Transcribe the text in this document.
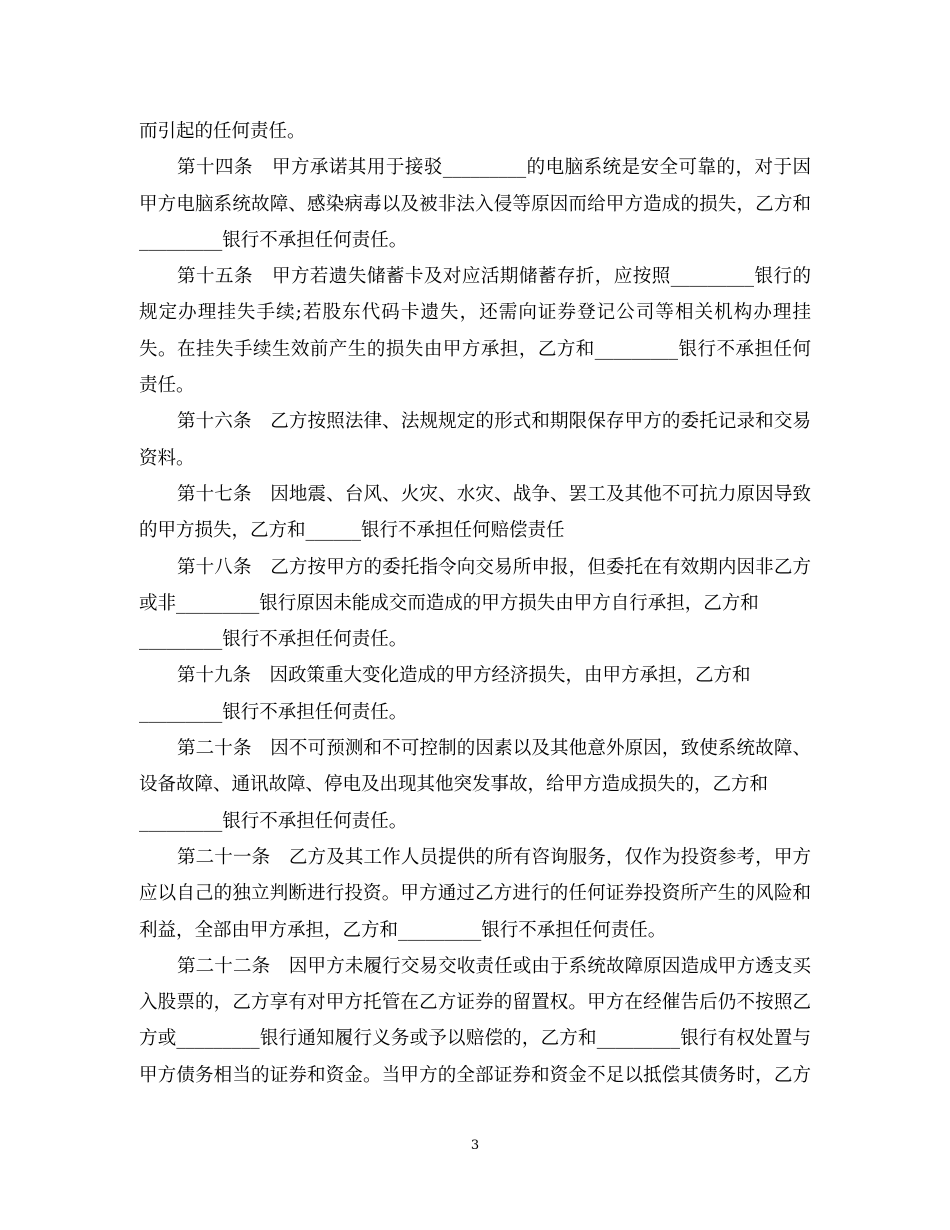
而引起的任何责任。
第十四条　甲方承诺其用于接驳_________的电脑系统是安全可靠的，对于因
甲方电脑系统故障、感染病毒以及被非法入侵等原因而给甲方造成的损失，乙方和
_________银行不承担任何责任。
第十五条　甲方若遗失储蓄卡及对应活期储蓄存折，应按照_________银行的
规定办理挂失手续;若股东代码卡遗失，还需向证券登记公司等相关机构办理挂
失。在挂失手续生效前产生的损失由甲方承担，乙方和_________银行不承担任何
责任。
第十六条　乙方按照法律、法规规定的形式和期限保存甲方的委托记录和交易
资料。
第十七条　因地震、台风、火灾、水灾、战争、罢工及其他不可抗力原因导致
的甲方损失，乙方和______银行不承担任何赔偿责任
第十八条　乙方按甲方的委托指令向交易所申报，但委托在有效期内因非乙方
或非_________银行原因未能成交而造成的甲方损失由甲方自行承担，乙方和
_________银行不承担任何责任。
第十九条　因政策重大变化造成的甲方经济损失，由甲方承担，乙方和
_________银行不承担任何责任。
第二十条　因不可预测和不可控制的因素以及其他意外原因，致使系统故障、
设备故障、通讯故障、停电及出现其他突发事故，给甲方造成损失的，乙方和
_________银行不承担任何责任。
第二十一条　乙方及其工作人员提供的所有咨询服务，仅作为投资参考，甲方
应以自己的独立判断进行投资。甲方通过乙方进行的任何证券投资所产生的风险和
利益，全部由甲方承担，乙方和_________银行不承担任何责任。
第二十二条　因甲方未履行交易交收责任或由于系统故障原因造成甲方透支买
入股票的，乙方享有对甲方托管在乙方证券的留置权。甲方在经催告后仍不按照乙
方或_________银行通知履行义务或予以赔偿的，乙方和_________银行有权处置与
甲方债务相当的证券和资金。当甲方的全部证券和资金不足以抵偿其债务时，乙方
3
